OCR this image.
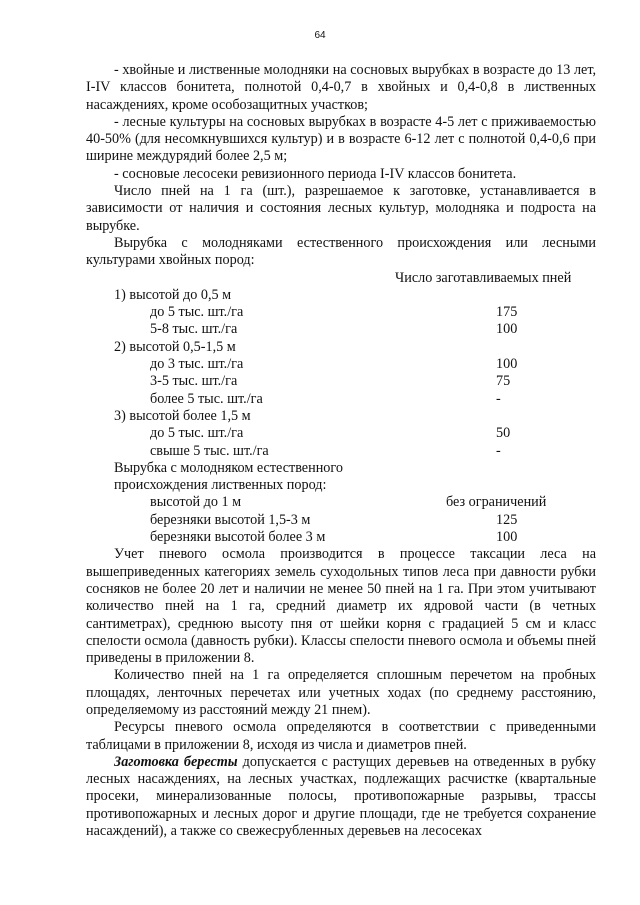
64

- хвойные и лиственные молодняки на сосновых вырубках в возрасте до 13 лет, I-IV классов бонитета, полнотой 0,4-0,7 в хвойных и 0,4-0,8 в лиственных насаждениях, кроме особозащитных участков;

- лесные культуры на сосновых вырубках в возрасте 4-5 лет с приживаемостью 40-50% (для несомкнувшихся культур) и в возрасте 6-12 лет с полнотой 0,4-0,6 при ширине междурядий более 2,5 м;

- сосновые лесосеки ревизионного периода I-IV классов бонитета.

Число пней на 1 га (шт.), разрешаемое к заготовке, устанавливается в зависимости от наличия и состояния лесных культур, молодняка и подроста на вырубке.

Вырубка с молодняками естественного происхождения или лесными культурами хвойных пород:

Число заготавливаемых пней
1) высотой до 0,5 м
до 5 тыс. шт./га	175
5-8 тыс. шт./га	100
2) высотой 0,5-1,5 м
до 3 тыс. шт./га	100
3-5 тыс. шт./га	75
более 5 тыс. шт./га	-
3) высотой более 1,5 м
до 5 тыс. шт./га	50
свыше 5 тыс. шт./га	-
Вырубка с молодняком естественного
происхождения лиственных пород:
высотой до 1 м	без ограничений
березняки высотой 1,5-3 м	125
березняки высотой более 3 м	100

Учет пневого осмола производится в процессе таксации леса на вышеприведенных категориях земель суходольных типов леса при давности рубки сосняков не более 20 лет и наличии не менее 50 пней на 1 га. При этом учитывают количество пней на 1 га, средний диаметр их ядровой части (в четных сантиметрах), среднюю высоту пня от шейки корня с градацией 5 см и класс спелости осмола (давность рубки). Классы спелости пневого осмола и объемы пней приведены в приложении 8.

Количество пней на 1 га определяется сплошным перечетом на пробных площадях, ленточных перечетах или учетных ходах (по среднему расстоянию, определяемому из расстояний между 21 пнем).

Ресурсы пневого осмола определяются в соответствии с приведенными таблицами в приложении 8, исходя из числа и диаметров пней.

Заготовка бересты допускается с растущих деревьев на отведенных в рубку лесных насаждениях, на лесных участках, подлежащих расчистке (квартальные просеки, минерализованные полосы, противопожарные разрывы, трассы противопожарных и лесных дорог и другие площади, где не требуется сохранение насаждений), а также со свежесрубленных деревьев на лесосеках
